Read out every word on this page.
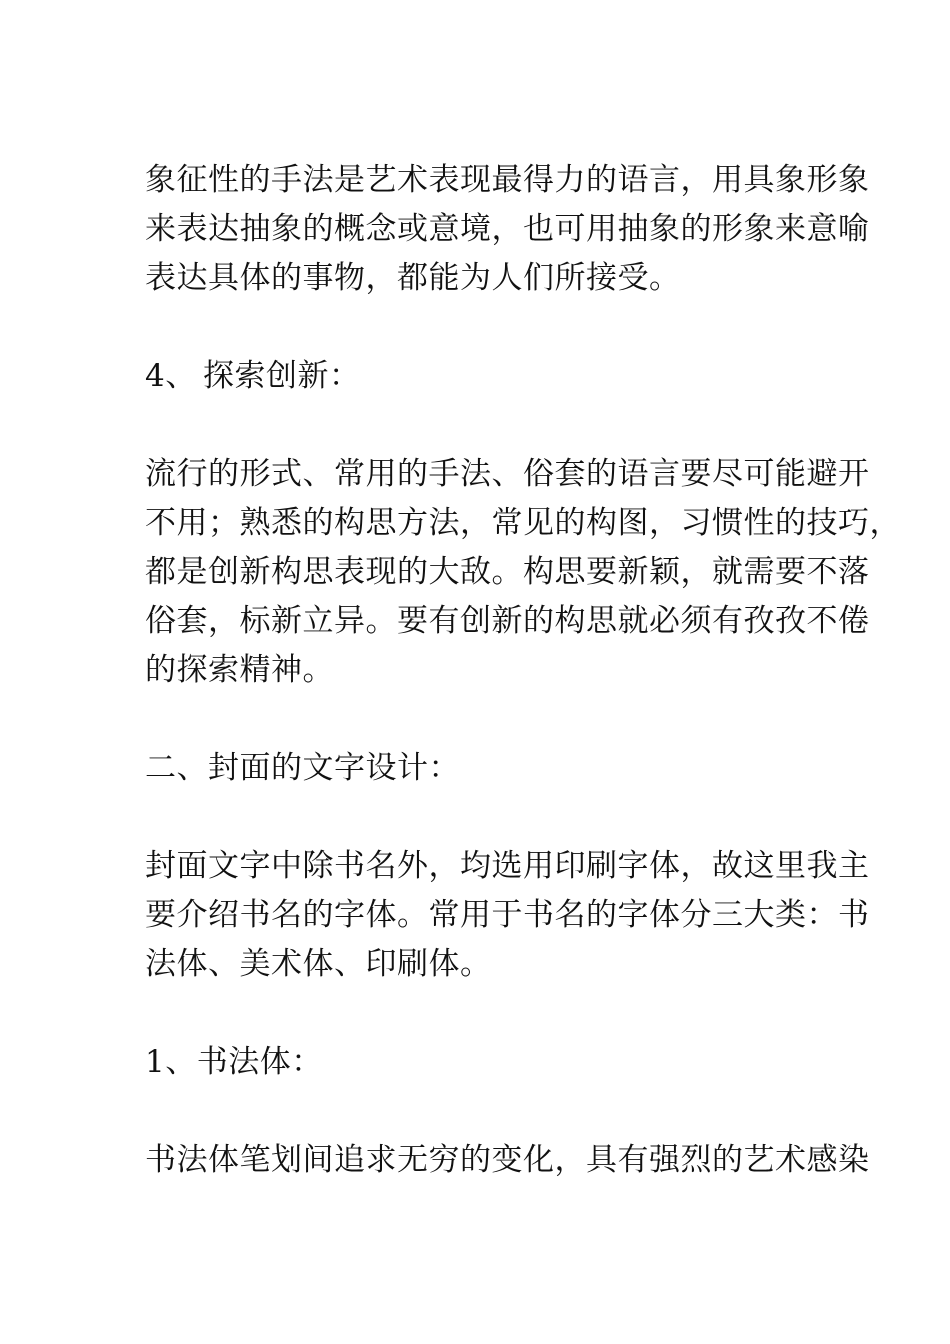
象征性的手法是艺术表现最得力的语言，用具象形象
来表达抽象的概念或意境，也可用抽象的形象来意喻
表达具体的事物，都能为人们所接受。

4、 探索创新：

流行的形式、常用的手法、俗套的语言要尽可能避开
不用；熟悉的构思方法，常见的构图，习惯性的技巧，
都是创新构思表现的大敌。构思要新颖，就需要不落
俗套，标新立异。要有创新的构思就必须有孜孜不倦
的探索精神。

二、封面的文字设计：

封面文字中除书名外，均选用印刷字体，故这里我主
要介绍书名的字体。常用于书名的字体分三大类：书
法体、美术体、印刷体。

1、书法体：

书法体笔划间追求无穷的变化，具有强烈的艺术感染
